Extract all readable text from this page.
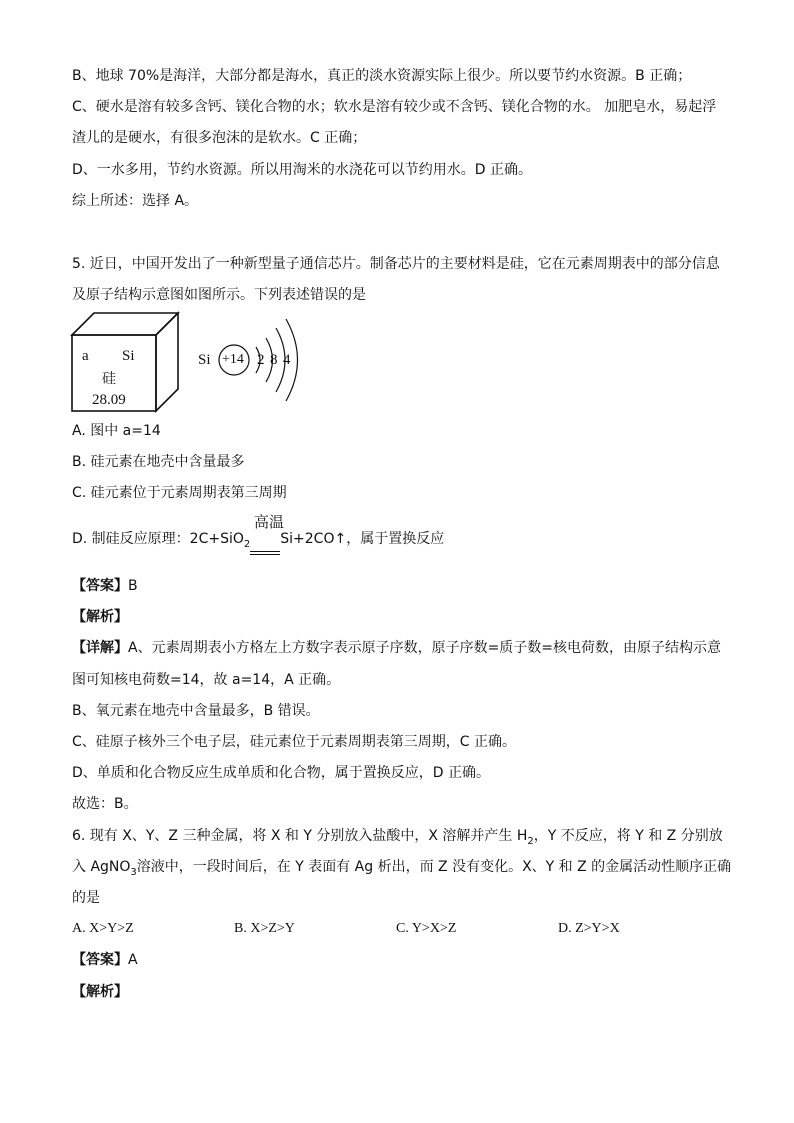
B、地球 70%是海洋，大部分都是海水，真正的淡水资源实际上很少。所以要节约水资源。B 正确；
C、硬水是溶有较多含钙、镁化合物的水；软水是溶有较少或不含钙、镁化合物的水。 加肥皂水，易起浮
渣儿的是硬水，有很多泡沫的是软水。C 正确；
D、一水多用，节约水资源。所以用淘米的水浇花可以节约用水。D 正确。
综上所述：选择 A。
5. 近日，中国开发出了一种新型量子通信芯片。制备芯片的主要材料是硅，它在元素周期表中的部分信息
及原子结构示意图如图所示。下列表述错误的是
a Si
硅
28.09
Si +14 2 8 4
A. 图中 a=14
B. 硅元素在地壳中含量最多
C. 硅元素位于元素周期表第三周期
D. 制硅反应原理：2C+SiO$_2$ Si+2CO↑，属于置换反应
高温
【答案】B
【解析】
【详解】A、元素周期表小方格左上方数字表示原子序数，原子序数=质子数=核电荷数，由原子结构示意
图可知核电荷数=14，故 a=14，A 正确。
B、氧元素在地壳中含量最多，B 错误。
C、硅原子核外三个电子层，硅元素位于元素周期表第三周期，C 正确。
D、单质和化合物反应生成单质和化合物，属于置换反应，D 正确。
故选：B。
6. 现有 X、Y、Z 三种金属，将 X 和 Y 分别放入盐酸中，X 溶解并产生 $H_2$，Y 不反应，将 Y 和 Z 分别放
入 AgNO$_3$溶液中，一段时间后，在 Y 表面有 Ag 析出，而 Z 没有变化。X、Y 和 Z 的金属活动性顺序正确
的是
A. X>Y>Z	B. X>Z>Y	C. Y>X>Z	D. Z>Y>X
【答案】A
【解析】
